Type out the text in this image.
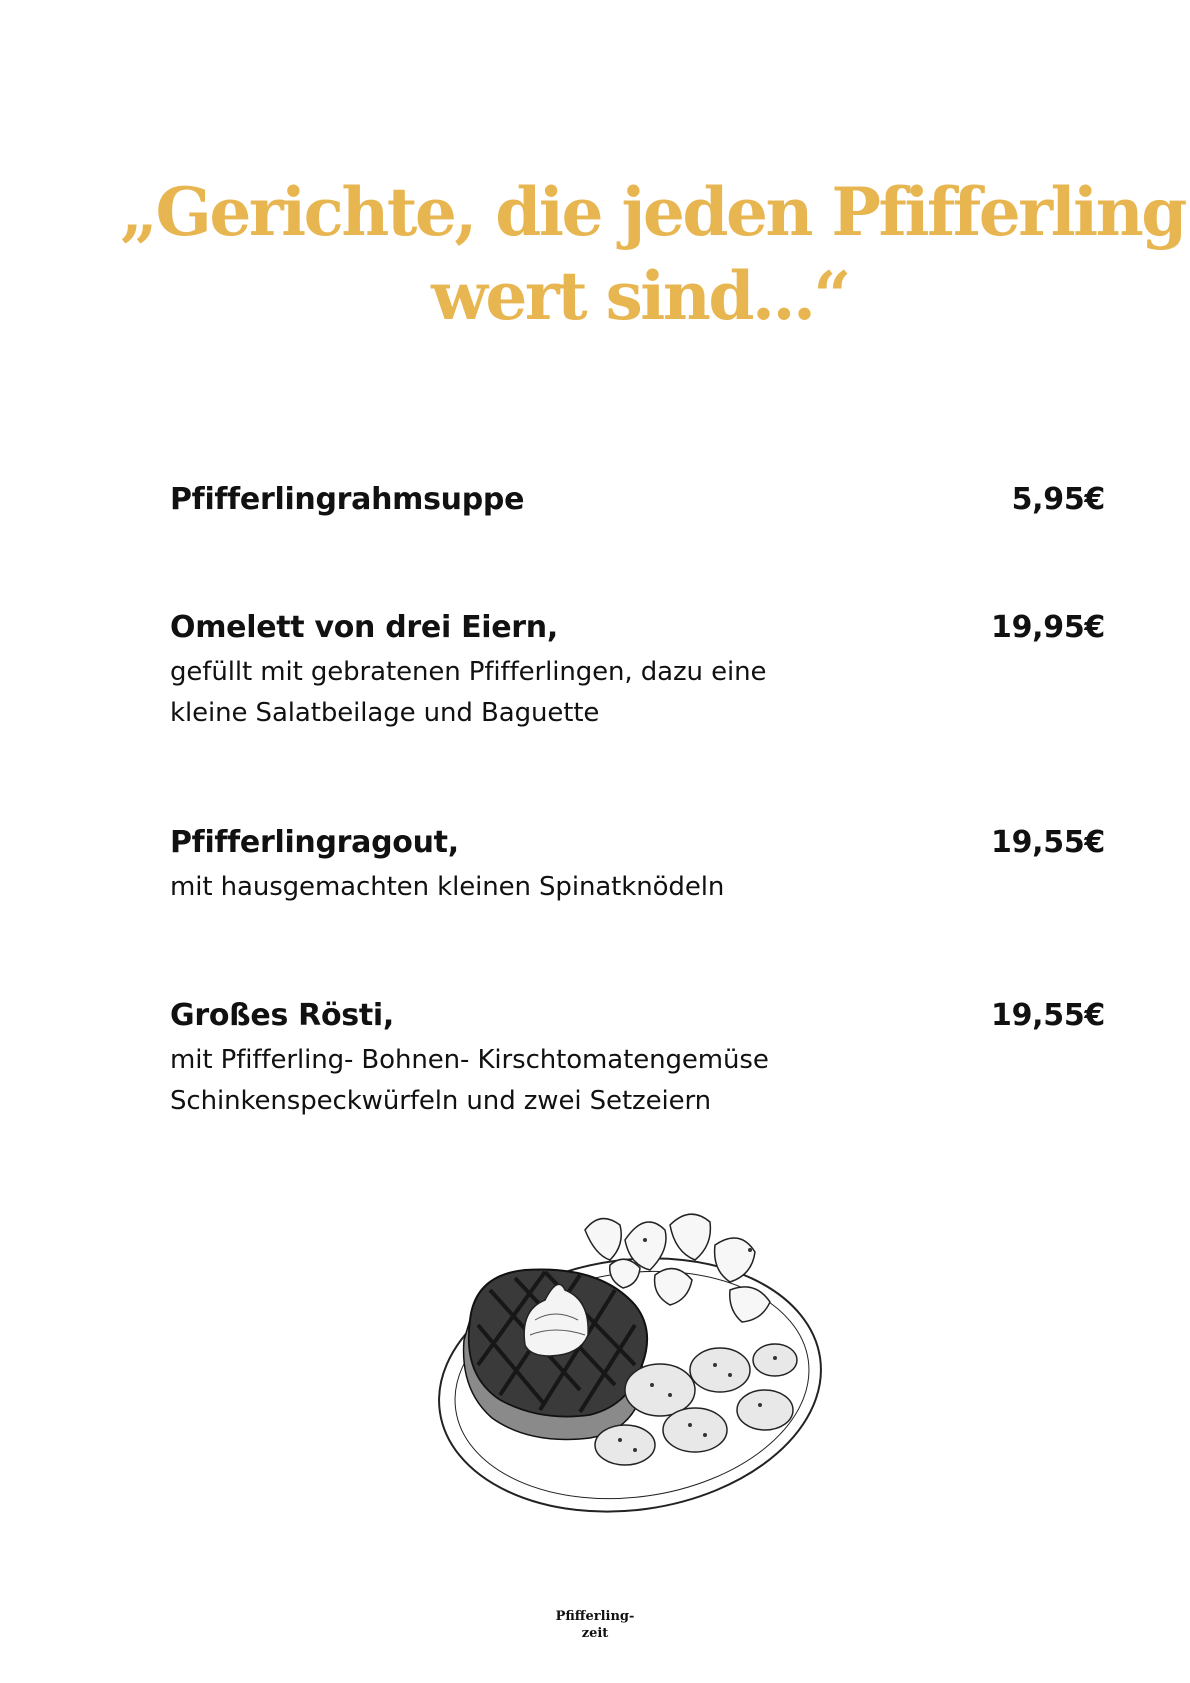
„Gerichte, die jeden Pfifferling
wert sind...“
Pfifferlingrahmsuppe	5,95€
Omelett von drei Eiern,	19,95€
gefüllt mit gebratenen Pfifferlingen, dazu eine
kleine Salatbeilage und Baguette
Pfifferlingragout,	19,55€
mit hausgemachten kleinen Spinatknödeln
Großes Rösti,	19,55€
mit Pfifferling- Bohnen- Kirschtomatengemüse
Schinkenspeckwürfeln und zwei Setzeiern
Pfifferling-
zeit
